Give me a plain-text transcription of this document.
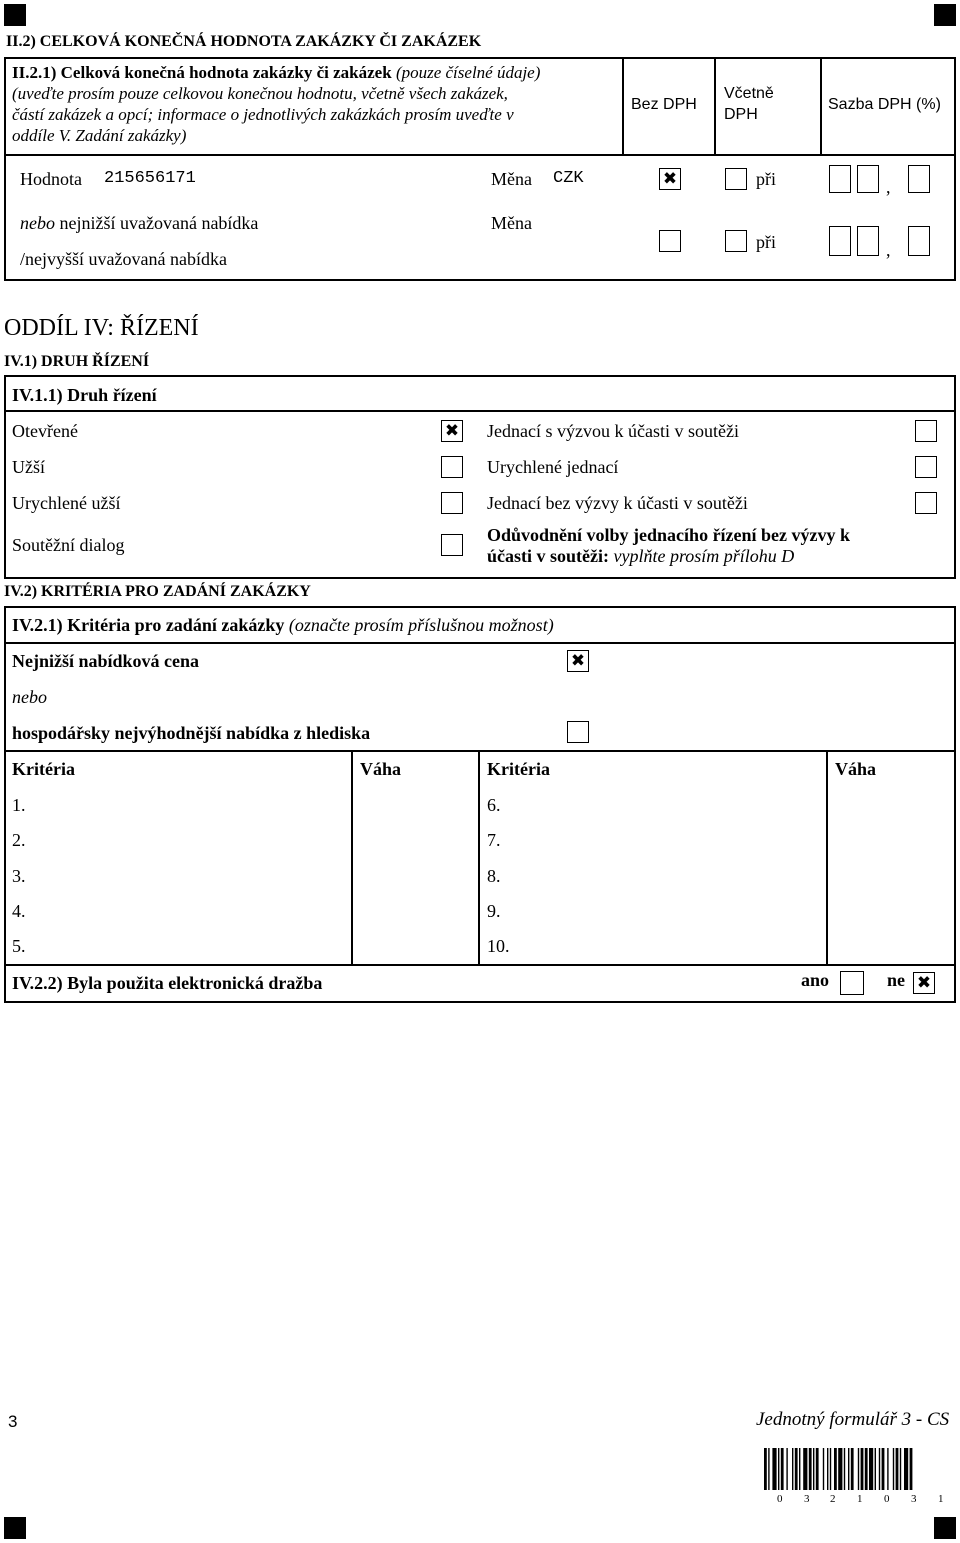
II.2) CELKOVÁ KONEČNÁ HODNOTA ZAKÁZKY ČI ZAKÁZEK
II.2.1) Celková konečná hodnota zakázky či zakázek (pouze číselné údaje)
(uveďte prosím pouze celkovou konečnou hodnotu, včetně všech zakázek,
částí zakázek a opcí; informace o jednotlivých zakázkách prosím uveďte v
oddíle V. Zadání zakázky)
Bez DPH
Včetně
DPH
Sazba DPH (%)
Hodnota 215656171	Měna CZK
✖	při	,
nebo nejnižší uvažovaná nabídka
/nejvyšší uvažovaná nabídka
Měna
při	,
ODDÍL IV: ŘÍZENÍ
IV.1) DRUH ŘÍZENÍ
IV.1.1) Druh řízení
Otevřené
Užší
Urychlené užší
Soutěžní dialog
✖
Jednací s výzvou k účasti v soutěži
Urychlené jednací
Jednací bez výzvy k účasti v soutěži
Odůvodnění volby jednacího řízení bez výzvy k
účasti v soutěži: vyplňte prosím přílohu D
IV.2) KRITÉRIA PRO ZADÁNÍ ZAKÁZKY
IV.2.1) Kritéria pro zadání zakázky (označte prosím příslušnou možnost)
Nejnižší nabídková cena
✖
nebo
hospodářsky nejvýhodnější nabídka z hlediska
Kritéria	Váha	Kritéria	Váha
1.
2.
3.
4.
5.
6.
7.
8.
9.
10.
IV.2.2) Byla použita elektronická dražba	ano	ne
✖
3	Jednotný formulář 3 - CS
0 3 2 1 0 3 1
